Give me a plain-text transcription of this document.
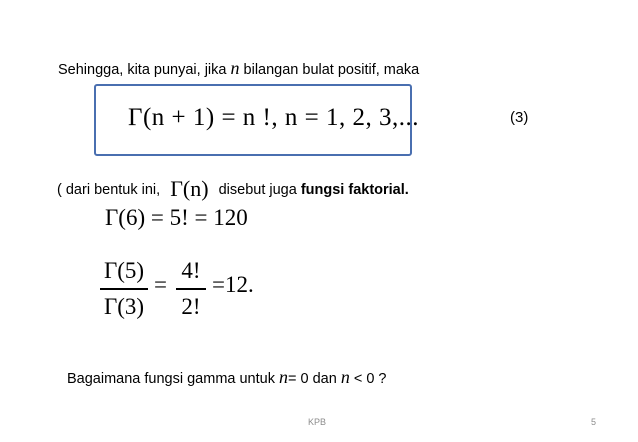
Sehingga, kita punyai, jika n bilangan bulat positif, maka
Γ(n + 1) = n !, n = 1, 2, 3,...	(3)
( dari bentuk ini, Γ(n) disebut juga fungsi faktorial.
Γ(6) = 5! = 120
Γ(5)
Γ(3)
=
4!
2!
=12.
Bagaimana fungsi gamma untuk n= 0 dan n < 0 ?
KPB	5
